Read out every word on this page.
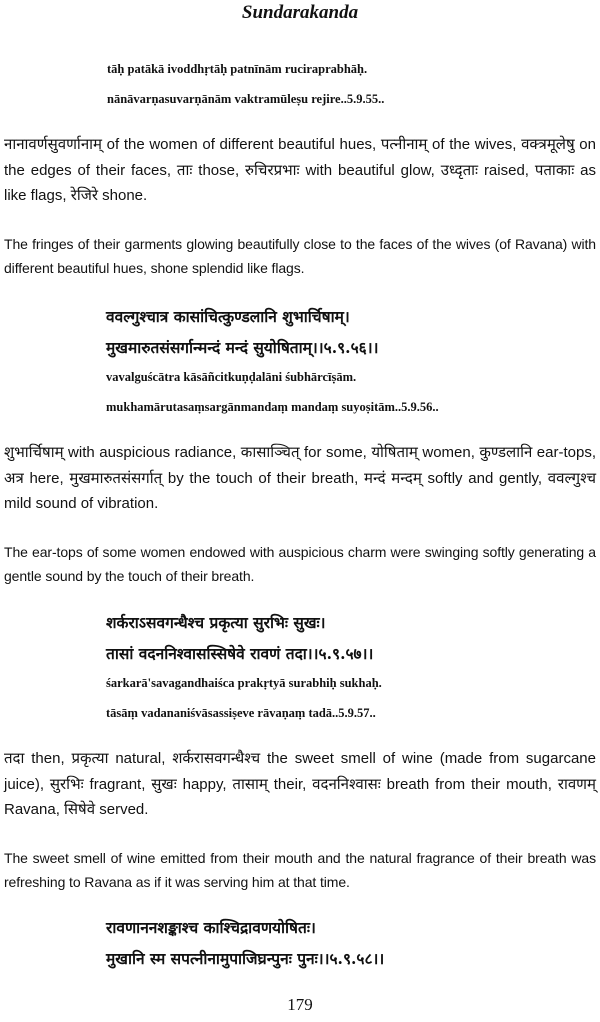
Sundarakanda
tāḥ patākā ivoddhṛtāḥ patnīnām ruciraprabhāḥ.
nānāvarṇasuvarṇānām vaktramūleṣu rejire..5.9.55..
नानावर्णसुवर्णानाम् of the women of different beautiful hues, पत्नीनाम् of the wives, वक्त्रमूलेषु on the edges of their faces, ताः those, रुचिरप्रभाः with beautiful glow, उध्दृताः raised, पताकाः as like flags, रेजिरे shone.
The fringes of their garments glowing beautifully close to the faces of the wives (of Ravana) with different beautiful hues, shone splendid like flags.
ववल्गुश्चात्र कासांचित्कुण्डलानि शुभार्चिषाम्।
मुखमारुतसंसर्गान्मन्दं मन्दं सुयोषिताम्।।५.९.५६।।
vavalguścātra kāsāñcitkuṇḍalāni śubhārcīṣām.
mukhamārutasaṃsargānmandaṃ mandaṃ suyoṣitām..5.9.56..
शुभार्चिषाम् with auspicious radiance, कासाञ्चित् for some, योषिताम् women, कुण्डलानि ear-tops, अत्र here, मुखमारुतसंसर्गात् by the touch of their breath, मन्दं मन्दम् softly and gently, ववल्गुश्च mild sound of vibration.
The ear-tops of some women endowed with auspicious charm were swinging softly generating a gentle sound by the touch of their breath.
शर्कराऽसवगन्धैश्च प्रकृत्या सुरभिः सुखः।
तासां वदननिश्वासस्सिषेवे रावणं तदा।।५.९.५७।।
śarkarā'savagandhaiśca prakṛtyā surabhiḥ sukhaḥ.
tāsāṃ vadananiśvāsassiṣeve rāvaṇaṃ tadā..5.9.57..
तदा then, प्रकृत्या natural, शर्करासवगन्धैश्च the sweet smell of wine (made from sugarcane juice), सुरभिः fragrant, सुखः happy, तासाम् their, वदननिश्वासः breath from their mouth, रावणम् Ravana, सिषेवे served.
The sweet smell of wine emitted from their mouth and the natural fragrance of their breath was refreshing to Ravana as if it was serving him at that time.
रावणाननशङ्काश्च काश्चिद्रावणयोषितः।
मुखानि स्म सपत्नीनामुपाजिघ्रन्पुनः पुनः।।५.९.५८।।
179
